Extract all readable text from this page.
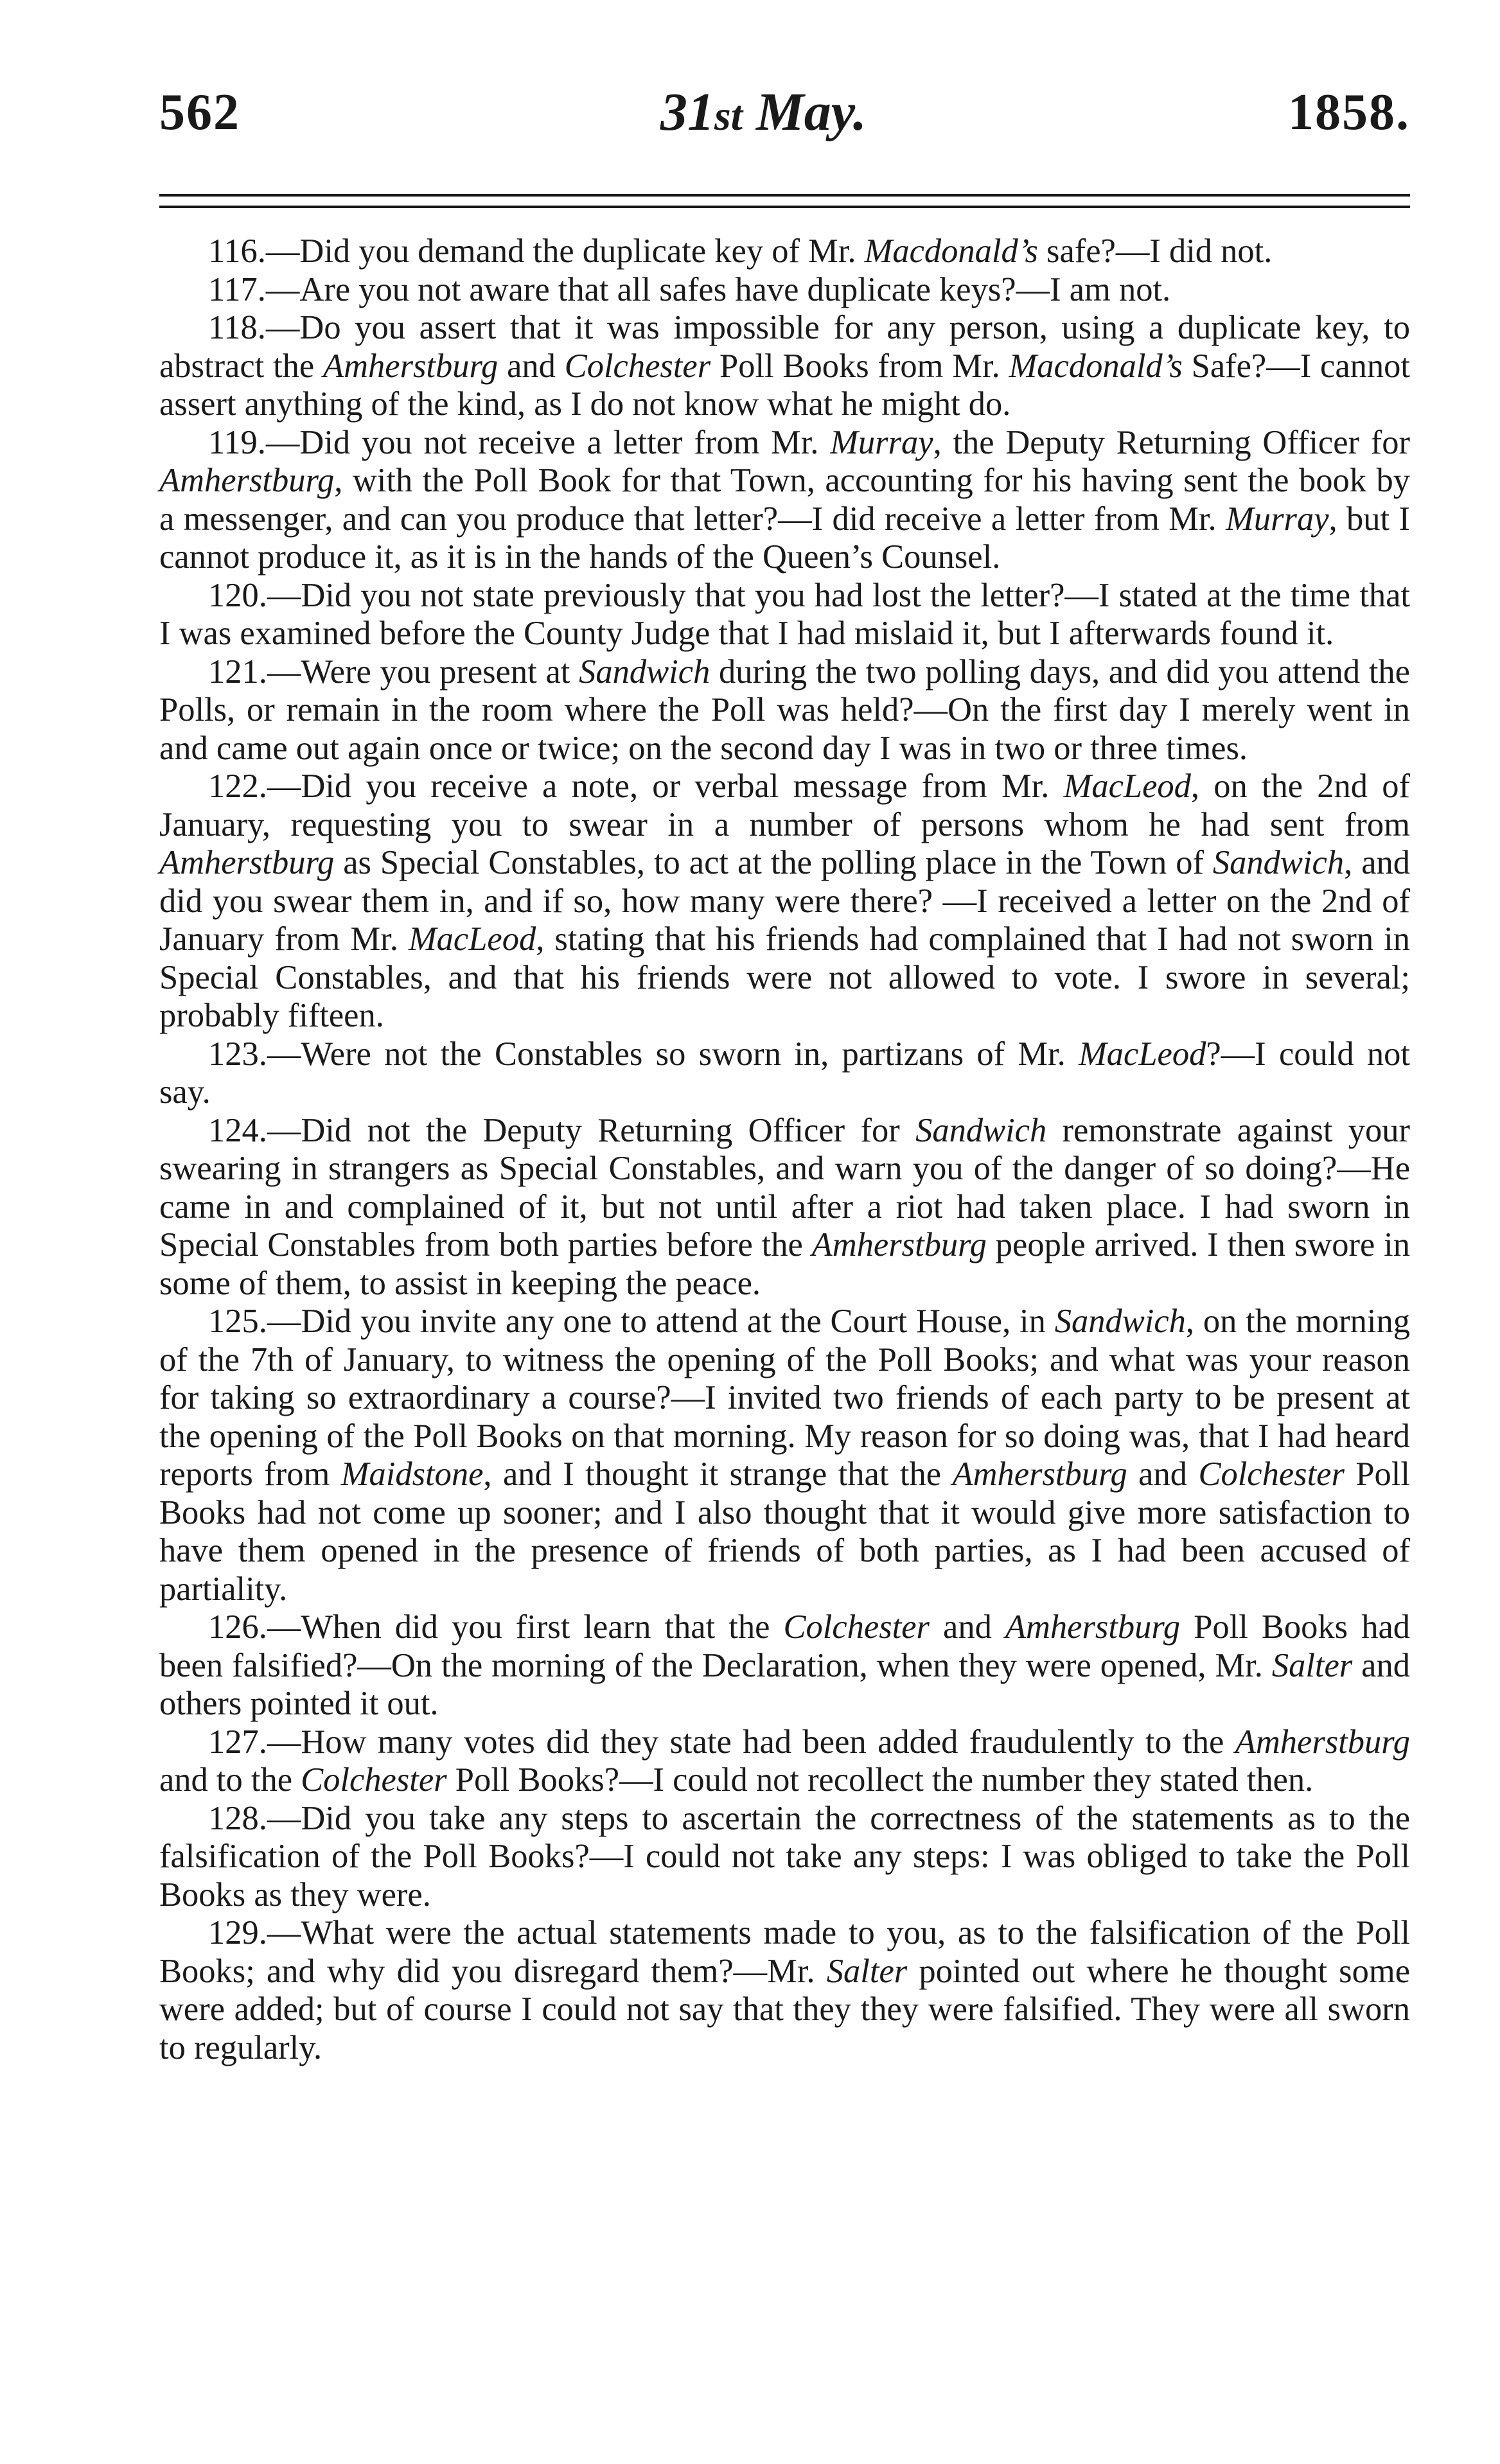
562	31st May.	1858.

116.—Did you demand the duplicate key of Mr. Macdonald’s safe?—I did not.

117.—Are you not aware that all safes have duplicate keys?—I am not.

118.—Do you assert that it was impossible for any person, using a duplicate key, to abstract the Amherstburg and Colchester Poll Books from Mr. Macdonald’s Safe?—I cannot assert anything of the kind, as I do not know what he might do.

119.—Did you not receive a letter from Mr. Murray, the Deputy Returning Officer for Amherstburg, with the Poll Book for that Town, accounting for his having sent the book by a messenger, and can you produce that letter?—I did receive a letter from Mr. Murray, but I cannot produce it, as it is in the hands of the Queen’s Counsel.

120.—Did you not state previously that you had lost the letter?—I stated at the time that I was examined before the County Judge that I had mislaid it, but I afterwards found it.

121.—Were you present at Sandwich during the two polling days, and did you attend the Polls, or remain in the room where the Poll was held?—On the first day I merely went in and came out again once or twice; on the second day I was in two or three times.

122.—Did you receive a note, or verbal message from Mr. MacLeod, on the 2nd of January, requesting you to swear in a number of persons whom he had sent from Amherstburg as Special Constables, to act at the polling place in the Town of Sandwich, and did you swear them in, and if so, how many were there? —I received a letter on the 2nd of January from Mr. MacLeod, stating that his friends had complained that I had not sworn in Special Constables, and that his friends were not allowed to vote. I swore in several; probably fifteen.

123.—Were not the Constables so sworn in, partizans of Mr. MacLeod?—I could not say.

124.—Did not the Deputy Returning Officer for Sandwich remonstrate against your swearing in strangers as Special Constables, and warn you of the danger of so doing?—He came in and complained of it, but not until after a riot had taken place. I had sworn in Special Constables from both parties before the Amherstburg people arrived. I then swore in some of them, to assist in keeping the peace.

125.—Did you invite any one to attend at the Court House, in Sandwich, on the morning of the 7th of January, to witness the opening of the Poll Books; and what was your reason for taking so extraordinary a course?—I invited two friends of each party to be present at the opening of the Poll Books on that morning. My reason for so doing was, that I had heard reports from Maidstone, and I thought it strange that the Amherstburg and Colchester Poll Books had not come up sooner; and I also thought that it would give more satisfaction to have them opened in the presence of friends of both parties, as I had been accused of partiality.

126.—When did you first learn that the Colchester and Amherstburg Poll Books had been falsified?—On the morning of the Declaration, when they were opened, Mr. Salter and others pointed it out.

127.—How many votes did they state had been added fraudulently to the Amherstburg and to the Colchester Poll Books?—I could not recollect the number they stated then.

128.—Did you take any steps to ascertain the correctness of the statements as to the falsification of the Poll Books?—I could not take any steps: I was obliged to take the Poll Books as they were.

129.—What were the actual statements made to you, as to the falsification of the Poll Books; and why did you disregard them?—Mr. Salter pointed out where he thought some were added; but of course I could not say that they they were falsified. They were all sworn to regularly.
